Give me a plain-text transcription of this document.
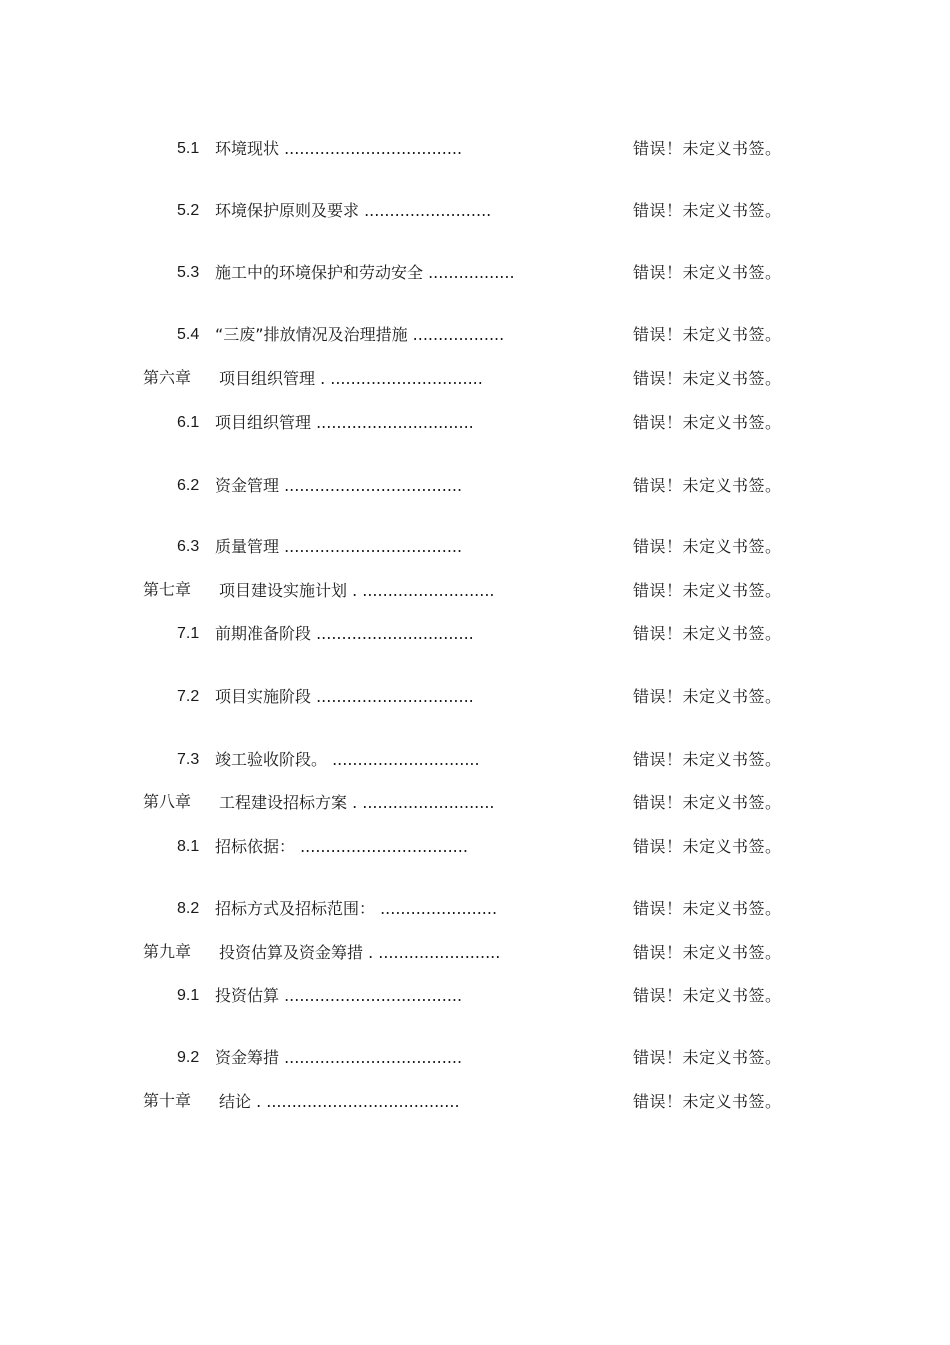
5.1 环境现状 ...................................	错误！未定义书签。
5.2 环境保护原则及要求 .........................	错误！未定义书签。
5.3 施工中的环境保护和劳动安全 .................	错误！未定义书签。
5.4 “三废”排放情况及治理措施 ..................	错误！未定义书签。
第六章 项目组织管理 . ..............................	错误！未定义书签。
6.1 项目组织管理 ...............................	错误！未定义书签。
6.2 资金管理 ...................................	错误！未定义书签。
6.3 质量管理 ...................................	错误！未定义书签。
第七章 项目建设实施计划 . ..........................	错误！未定义书签。
7.1 前期准备阶段 ...............................	错误！未定义书签。
7.2 项目实施阶段 ...............................	错误！未定义书签。
7.3 竣工验收阶段。 .............................	错误！未定义书签。
第八章 工程建设招标方案 . ..........................	错误！未定义书签。
8.1 招标依据： .................................	错误！未定义书签。
8.2 招标方式及招标范围： .......................	错误！未定义书签。
第九章 投资估算及资金筹措 . ........................	错误！未定义书签。
9.1 投资估算 ...................................	错误！未定义书签。
9.2 资金筹措 ...................................	错误！未定义书签。
第十章 结论 . ......................................	错误！未定义书签。
